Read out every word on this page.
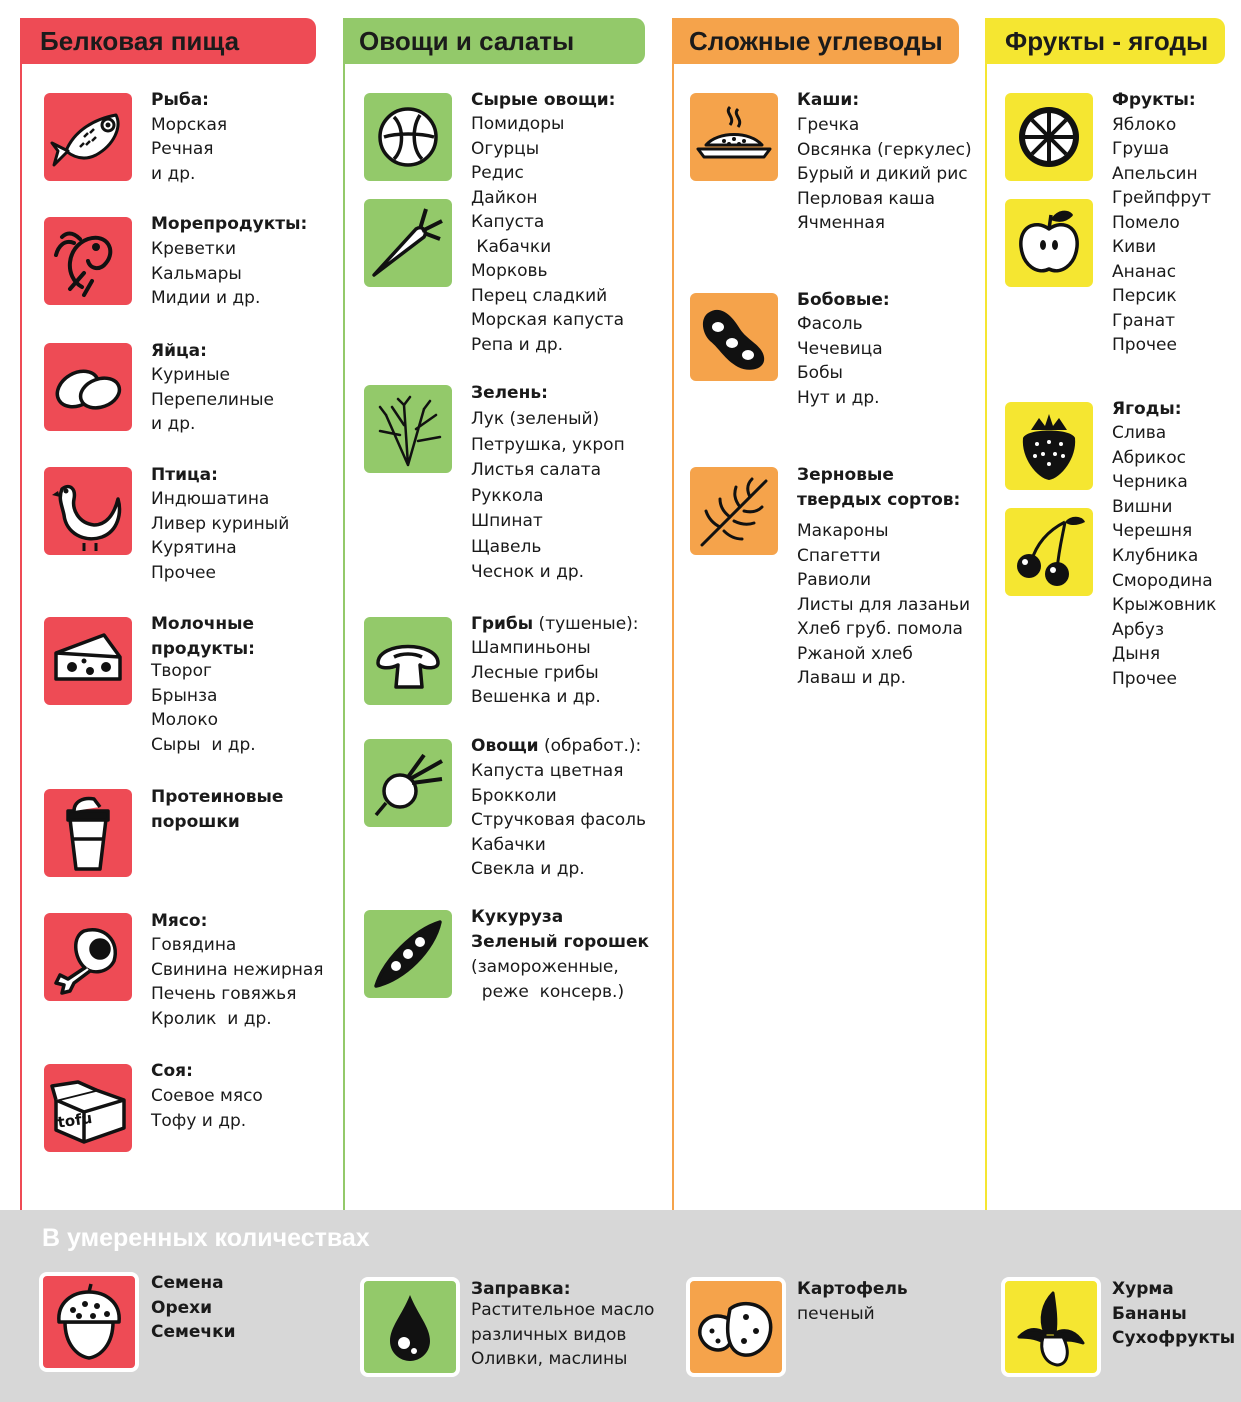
Белковая пища	Овощи и салаты	Сложные углеводы	Фрукты - ягоды
Рыба:
Морская
Речная
и др.
Морепродукты:
Креветки
Кальмары
Мидии и др.
Яйца:
Куриные
Перепелиные
и др.
Птица:
Индюшатина
Ливер куриный
Курятина
Прочее
Молочные
продукты:
Творог
Брынза
Молоко
Сыры  и др.
Протеиновые
порошки
Мясо:
Говядина
Свинина нежирная
Печень говяжья
Кролик  и др.
tofu
Соя:
Соевое мясо
Тофу и др.
Сырые овощи:
Помидоры
Огурцы
Редис
Дайкон
Капуста
Кабачки
Морковь
Перец сладкий
Морская капуста
Репа и др.
Зелень:
Лук (зеленый)
Петрушка, укроп
Листья салата
Руккола
Шпинат
Щавель
Чеснок и др.
Грибы (тушеные):
Шампиньоны
Лесные грибы
Вешенка и др.
Овощи (обработ.):
Капуста цветная
Брокколи
Стручковая фасоль
Кабачки
Свекла и др.
Кукуруза
Зеленый горошек
(замороженные,
реже  консерв.)
Каши:
Гречка
Овсянка (геркулес)
Бурый и дикий рис
Перловая каша
Ячменная
Бобовые:
Фасоль
Чечевица
Бобы
Нут и др.
Зерновые
твердых сортов:
Макароны
Спагетти
Равиоли
Листы для лазаньи
Хлеб груб. помола
Ржаной хлеб
Лаваш и др.
Фрукты:
Яблоко
Груша
Апельсин
Грейпфрут
Помело
Киви
Ананас
Персик
Гранат
Прочее
Ягоды:
Слива
Абрикос
Черника
Вишни
Черешня
Клубника
Смородина
Крыжовник
Арбуз
Дыня
Прочее
В умеренных количествах
Семена
Орехи
Семечки
Заправка:
Растительное масло
различных видов
Оливки, маслины
Картофель
печеный
Хурма
Бананы
Сухофрукты
